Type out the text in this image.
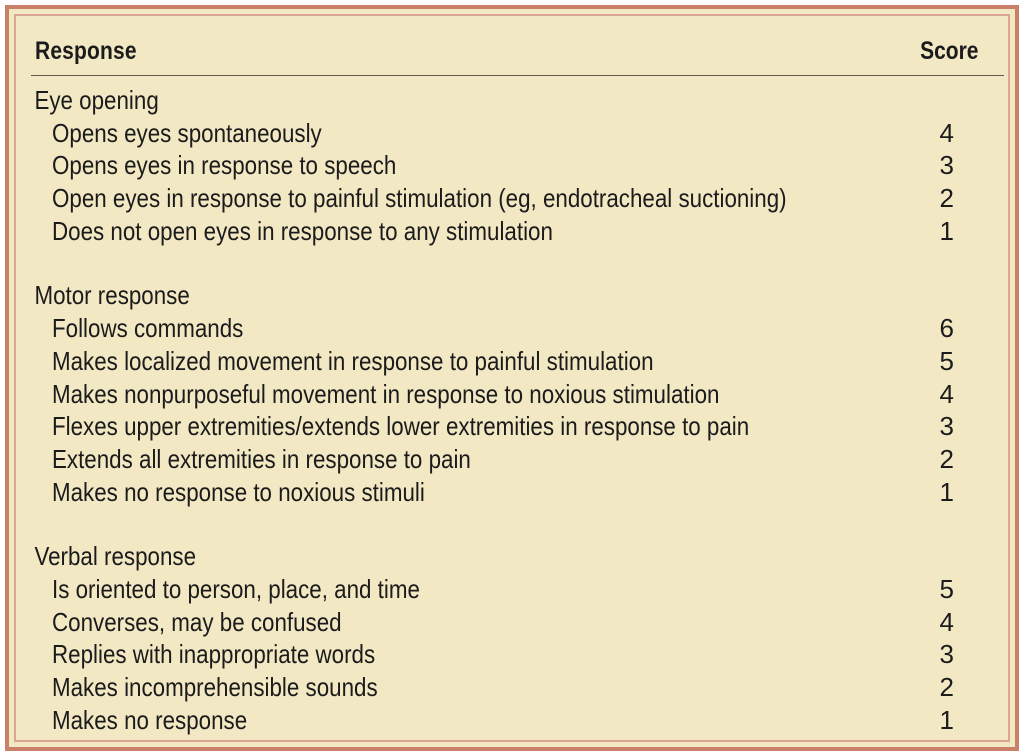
Response	Score
Eye opening
Opens eyes spontaneously	4
Opens eyes in response to speech	3
Open eyes in response to painful stimulation (eg, endotracheal suctioning)	2
Does not open eyes in response to any stimulation	1
Motor response
Follows commands	6
Makes localized movement in response to painful stimulation	5
Makes nonpurposeful movement in response to noxious stimulation	4
Flexes upper extremities/extends lower extremities in response to pain	3
Extends all extremities in response to pain	2
Makes no response to noxious stimuli	1
Verbal response
Is oriented to person, place, and time	5
Converses, may be confused	4
Replies with inappropriate words	3
Makes incomprehensible sounds	2
Makes no response	1
